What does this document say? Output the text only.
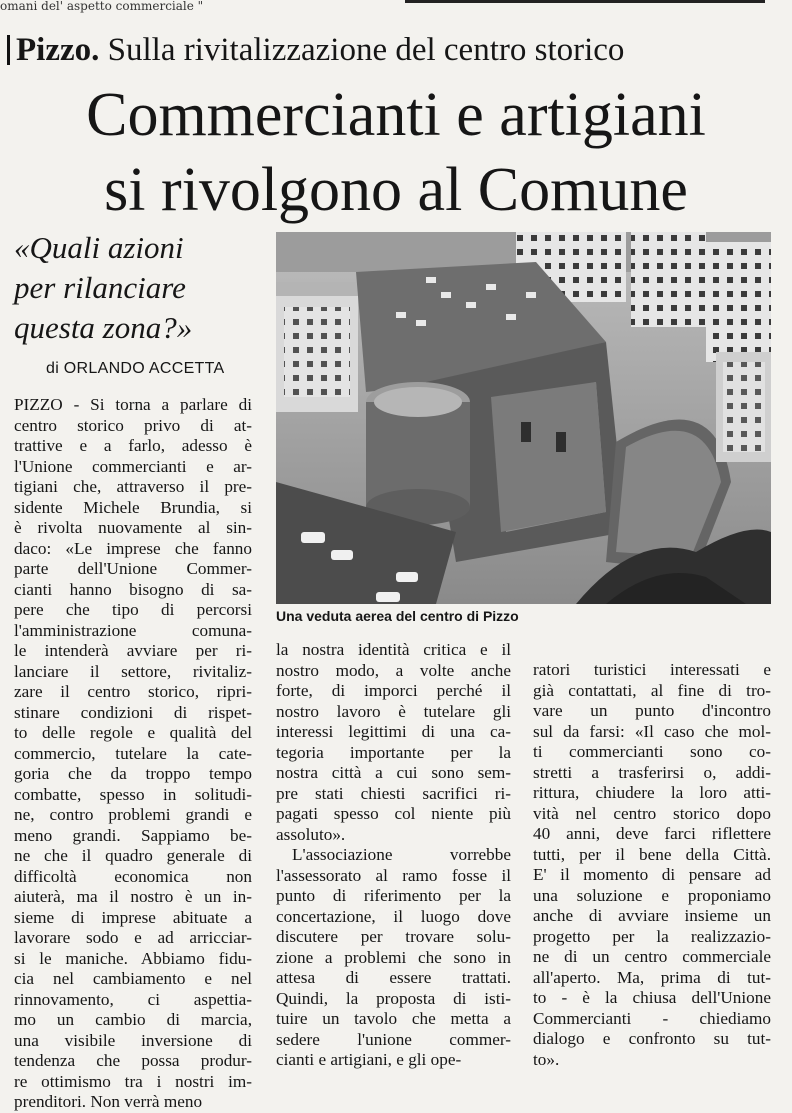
omani del' aspetto commerciale "
Pizzo. Sulla rivitalizzazione del centro storico
Commercianti e artigiani
si rivolgono al Comune
«Quali azioni
per rilanciare
questa zona?»
di ORLANDO ACCETTA
Una veduta aerea del centro di Pizzo
PIZZO - Si torna a parlare di
centro storico privo di at-
trattive e a farlo, adesso è
l'Unione commercianti e ar-
tigiani che, attraverso il pre-
sidente Michele Brundia, si
è rivolta nuovamente al sin-
daco: «Le imprese che fanno
parte dell'Unione Commer-
cianti hanno bisogno di sa-
pere che tipo di percorsi
l'amministrazione comuna-
le intenderà avviare per ri-
lanciare il settore, rivitaliz-
zare il centro storico, ripri-
stinare condizioni di rispet-
to delle regole e qualità del
commercio, tutelare la cate-
goria che da troppo tempo
combatte, spesso in solitudi-
ne, contro problemi grandi e
meno grandi. Sappiamo be-
ne che il quadro generale di
difficoltà economica non
aiuterà, ma il nostro è un in-
sieme di imprese abituate a
lavorare sodo e ad arricciar-
si le maniche. Abbiamo fidu-
cia nel cambiamento e nel
rinnovamento, ci aspettia-
mo un cambio di marcia,
una visibile inversione di
tendenza che possa produr-
re ottimismo tra i nostri im-
prenditori. Non verrà meno
la nostra identità critica e il
nostro modo, a volte anche
forte, di imporci perché il
nostro lavoro è tutelare gli
interessi legittimi di una ca-
tegoria importante per la
nostra città a cui sono sem-
pre stati chiesti sacrifici ri-
pagati spesso col niente più
assoluto».
L'associazione vorrebbe
l'assessorato al ramo fosse il
punto di riferimento per la
concertazione, il luogo dove
discutere per trovare solu-
zione a problemi che sono in
attesa di essere trattati.
Quindi, la proposta di isti-
tuire un tavolo che metta a
sedere l'unione commer-
cianti e artigiani, e gli ope-
ratori turistici interessati e
già contattati, al fine di tro-
vare un punto d'incontro
sul da farsi: «Il caso che mol-
ti commercianti sono co-
stretti a trasferirsi o, addi-
rittura, chiudere la loro atti-
vità nel centro storico dopo
40 anni, deve farci riflettere
tutti, per il bene della Città.
E' il momento di pensare ad
una soluzione e proponiamo
anche di avviare insieme un
progetto per la realizzazio-
ne di un centro commerciale
all'aperto. Ma, prima di tut-
to - è la chiusa dell'Unione
Commercianti - chiediamo
dialogo e confronto su tut-
to».
